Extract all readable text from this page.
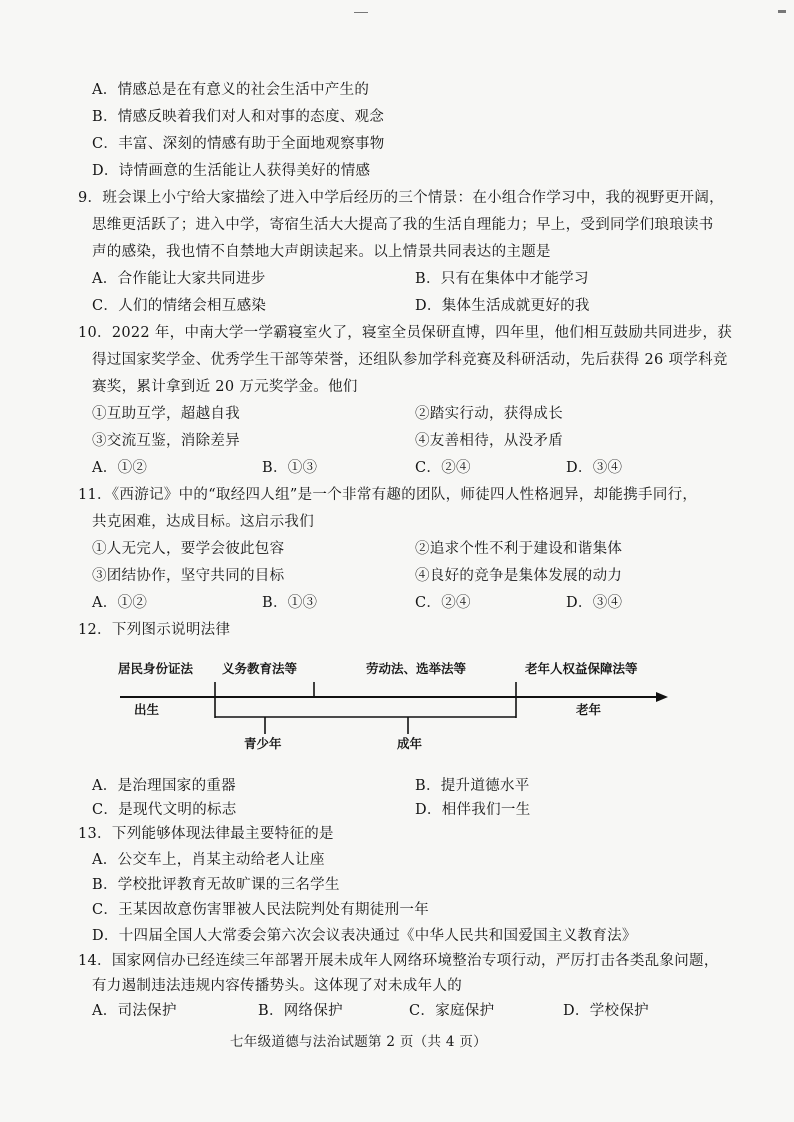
A．情感总是在有意义的社会生活中产生的
B．情感反映着我们对人和对事的态度、观念
C．丰富、深刻的情感有助于全面地观察事物
D．诗情画意的生活能让人获得美好的情感
9．班会课上小宁给大家描绘了进入中学后经历的三个情景：在小组合作学习中，我的视野更开阔，
思维更活跃了；进入中学，寄宿生活大大提高了我的生活自理能力；早上，受到同学们琅琅读书
声的感染，我也情不自禁地大声朗读起来。以上情景共同表达的主题是
A．合作能让大家共同进步	B．只有在集体中才能学习
C．人们的情绪会相互感染	D．集体生活成就更好的我
10．2022 年，中南大学一学霸寝室火了，寝室全员保研直博，四年里，他们相互鼓励共同进步，获
得过国家奖学金、优秀学生干部等荣誉，还组队参加学科竞赛及科研活动，先后获得 26 项学科竞
赛奖，累计拿到近 20 万元奖学金。他们
①互助互学，超越自我	②踏实行动，获得成长
③交流互鉴，消除差异	④友善相待，从没矛盾
A．①②	B．①③	C．②④	D．③④
11．《西游记》中的“取经四人组”是一个非常有趣的团队，师徒四人性格迥异，却能携手同行，
共克困难，达成目标。这启示我们
①人无完人，要学会彼此包容	②追求个性不利于建设和谐集体
③团结协作，坚守共同的目标	④良好的竞争是集体发展的动力
A．①②	B．①③	C．②④	D．③④
12．下列图示说明法律
居民身份证法 义务教育法等	劳动法、选举法等	老年人权益保障法等
出生	老年
青少年	成年
A．是治理国家的重器	B．提升道德水平
C．是现代文明的标志	D．相伴我们一生
13．下列能够体现法律最主要特征的是
A．公交车上，肖某主动给老人让座
B．学校批评教育无故旷课的三名学生
C．王某因故意伤害罪被人民法院判处有期徒刑一年
D．十四届全国人大常委会第六次会议表决通过《中华人民共和国爱国主义教育法》
14．国家网信办已经连续三年部署开展未成年人网络环境整治专项行动，严厉打击各类乱象问题，
有力遏制违法违规内容传播势头。这体现了对未成年人的
A．司法保护	B．网络保护	C．家庭保护	D．学校保护
七年级道德与法治试题第 2 页（共 4 页）
